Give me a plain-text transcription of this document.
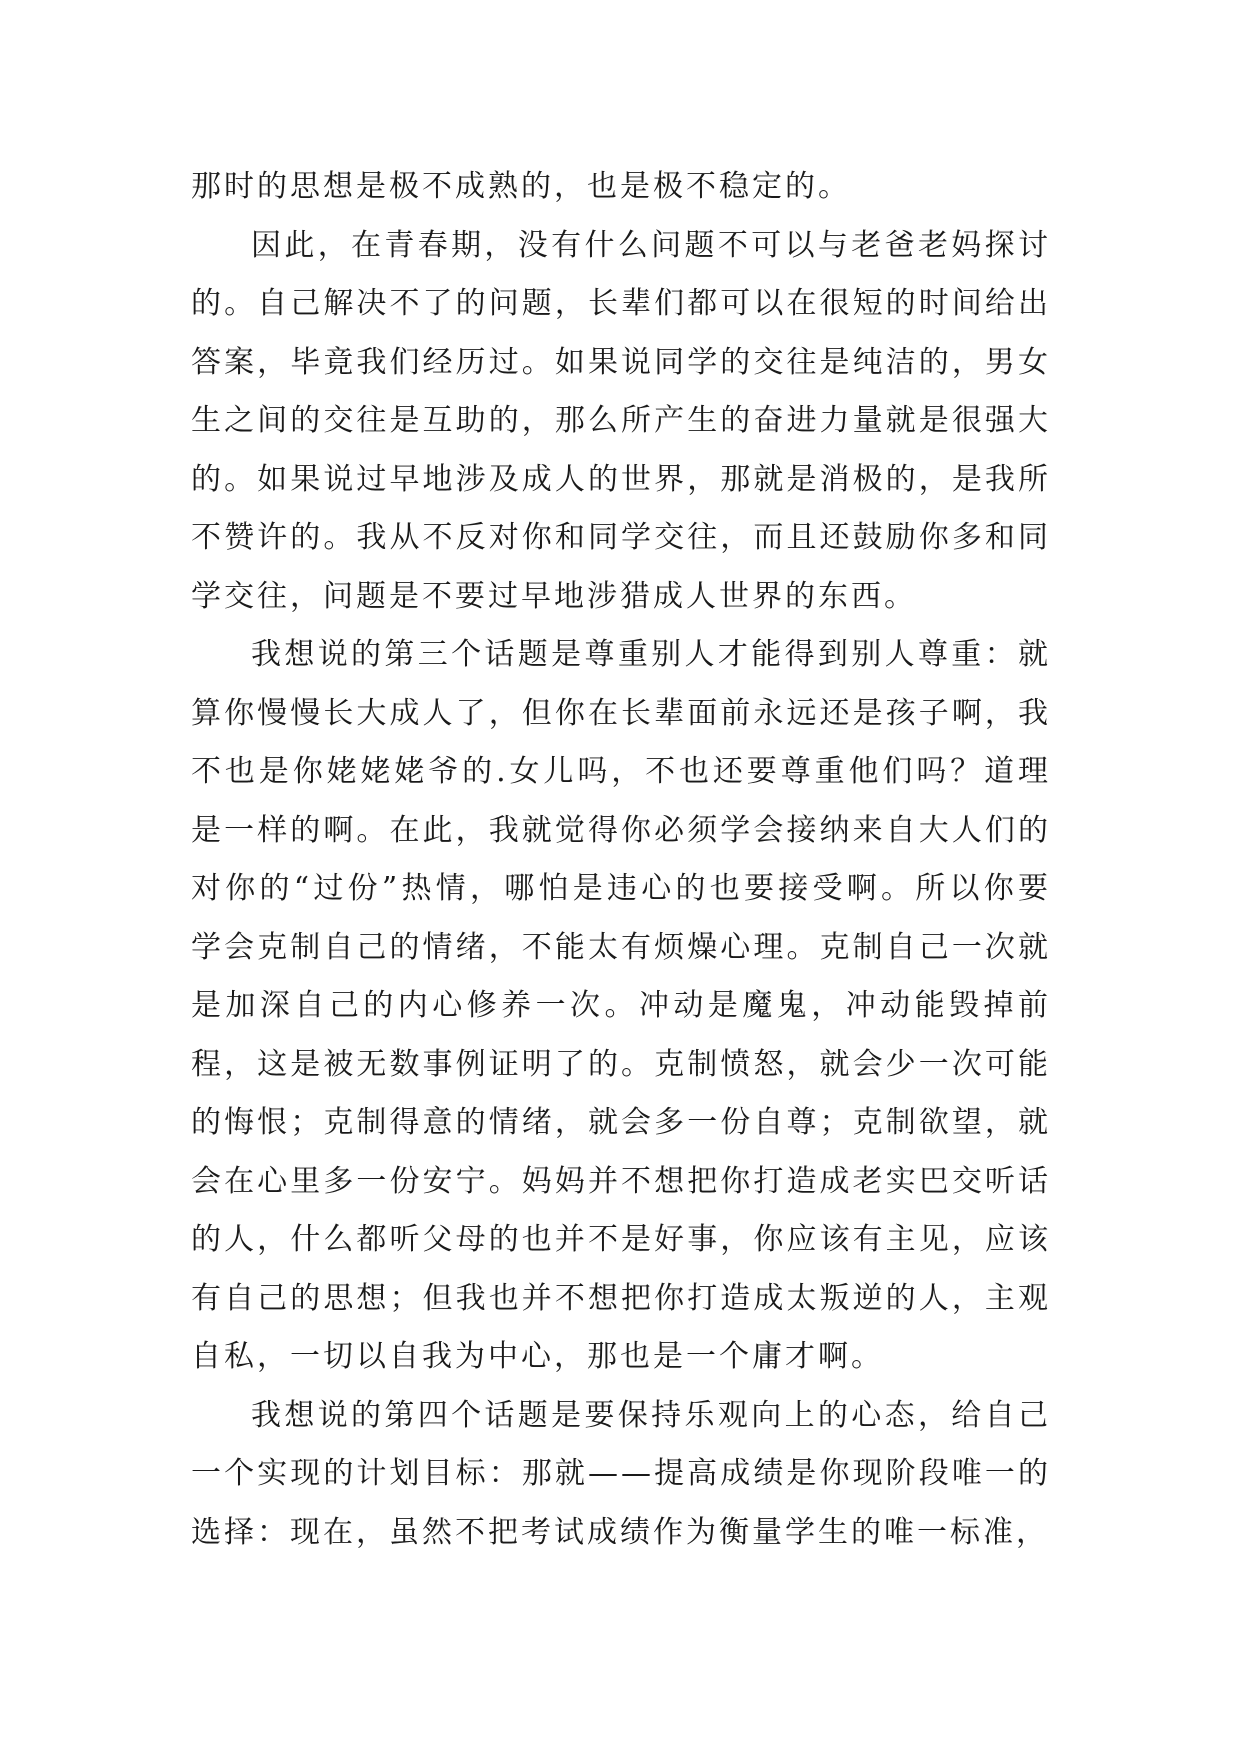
那时的思想是极不成熟的，也是极不稳定的。

因此，在青春期，没有什么问题不可以与老爸老妈探讨的。自己解决不了的问题，长辈们都可以在很短的时间给出答案，毕竟我们经历过。如果说同学的交往是纯洁的，男女生之间的交往是互助的，那么所产生的奋进力量就是很强大的。如果说过早地涉及成人的世界，那就是消极的，是我所不赞许的。我从不反对你和同学交往，而且还鼓励你多和同学交往，问题是不要过早地涉猎成人世界的东西。

我想说的第三个话题是尊重别人才能得到别人尊重：就算你慢慢长大成人了，但你在长辈面前永远还是孩子啊，我不也是你姥姥姥爷的.女儿吗，不也还要尊重他们吗？道理是一样的啊。在此，我就觉得你必须学会接纳来自大人们的对你的“过份”热情，哪怕是违心的也要接受啊。所以你要学会克制自己的情绪，不能太有烦燥心理。克制自己一次就是加深自己的内心修养一次。冲动是魔鬼，冲动能毁掉前程，这是被无数事例证明了的。克制愤怒，就会少一次可能的悔恨；克制得意的情绪，就会多一份自尊；克制欲望，就会在心里多一份安宁。妈妈并不想把你打造成老实巴交听话的人，什么都听父母的也并不是好事，你应该有主见，应该有自己的思想；但我也并不想把你打造成太叛逆的人，主观自私，一切以自我为中心，那也是一个庸才啊。

我想说的第四个话题是要保持乐观向上的心态，给自己一个实现的计划目标：那就——提高成绩是你现阶段唯一的选择：现在，虽然不把考试成绩作为衡量学生的唯一标准，
